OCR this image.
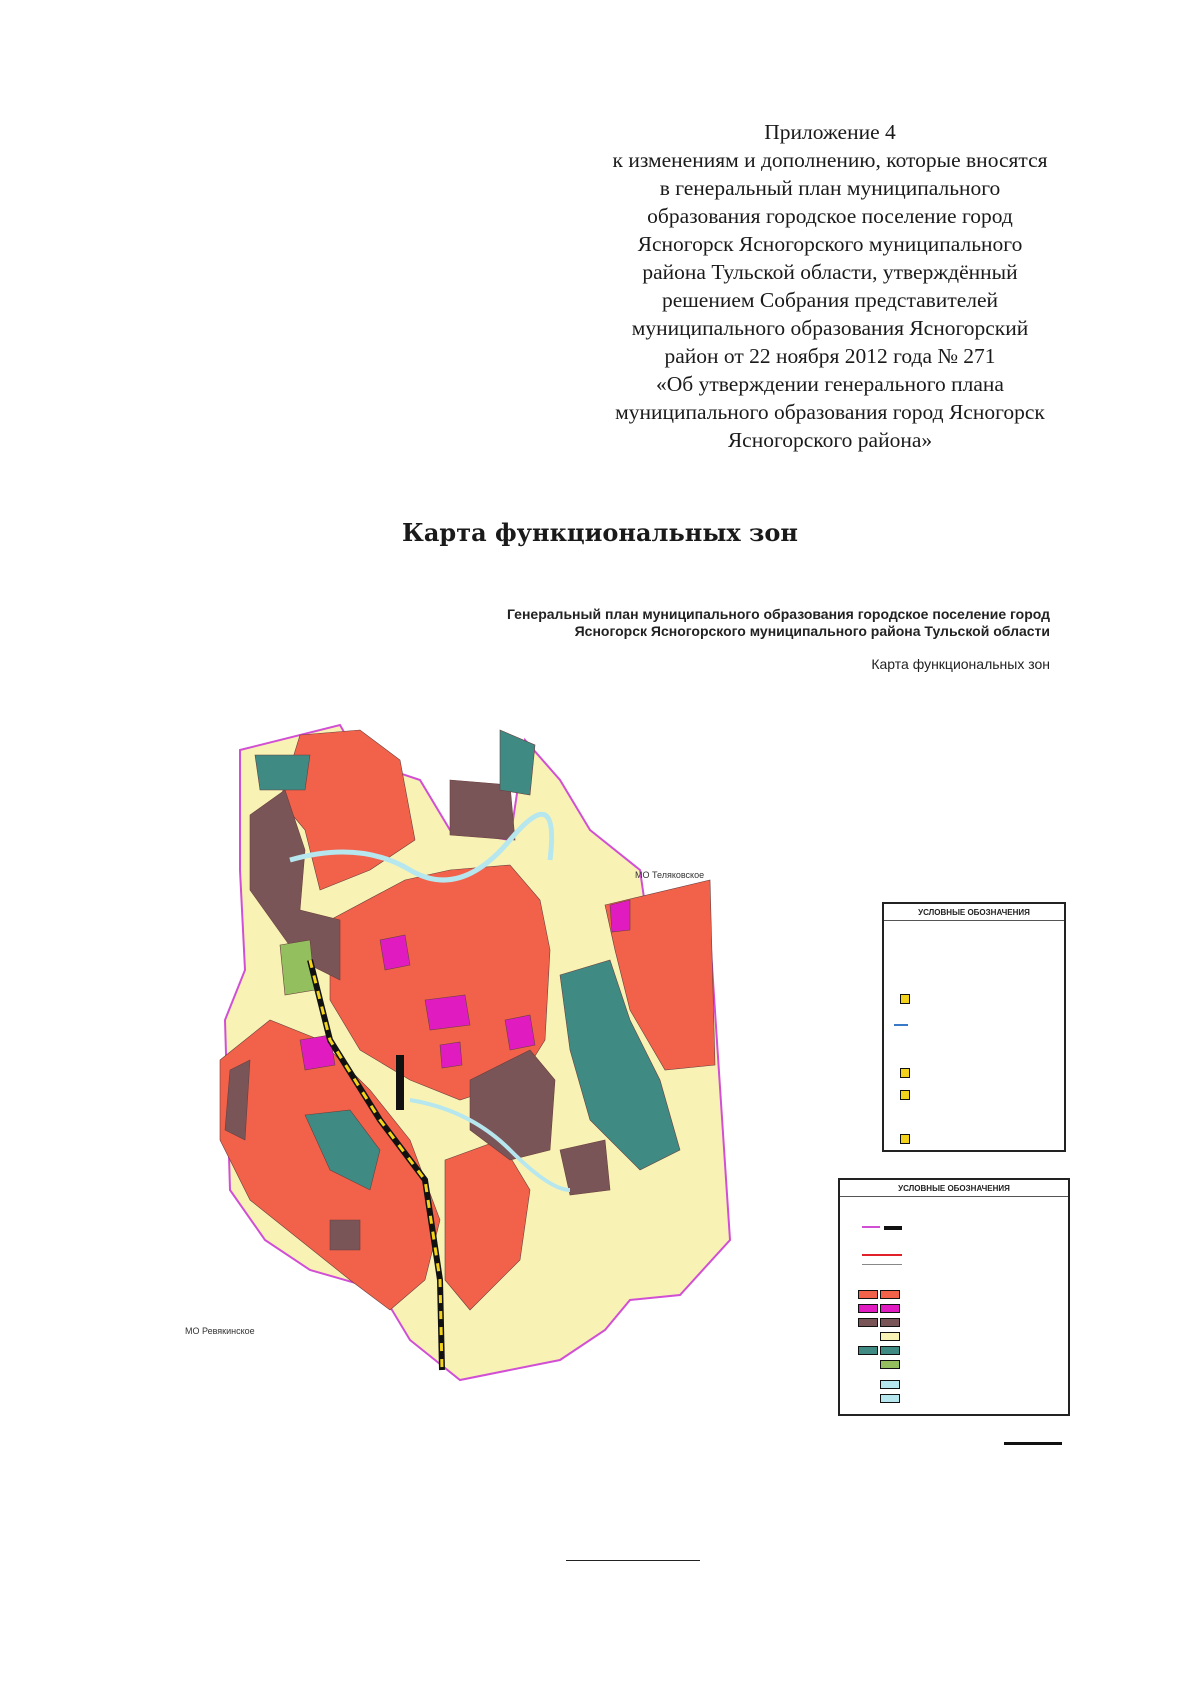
Приложение 4
к изменениям и дополнению, которые вносятся
в генеральный план муниципального
образования городское поселение город
Ясногорск Ясногорского муниципального
района Тульской области, утверждённый
решением Собрания представителей
муниципального образования Ясногорский
район от 22 ноября 2012 года № 271
«Об утверждении генерального плана
муниципального образования город Ясногорск
Ясногорского района»
Карта функциональных зон
Генеральный план муниципального образования городское поселение город
Ясногорск Ясногорского муниципального района Тульской области
Карта функциональных зон
МО Теляковское
МО Ревякинское
УСЛОВНЫЕ ОБОЗНАЧЕНИЯ
УСЛОВНЫЕ ОБОЗНАЧЕНИЯ
